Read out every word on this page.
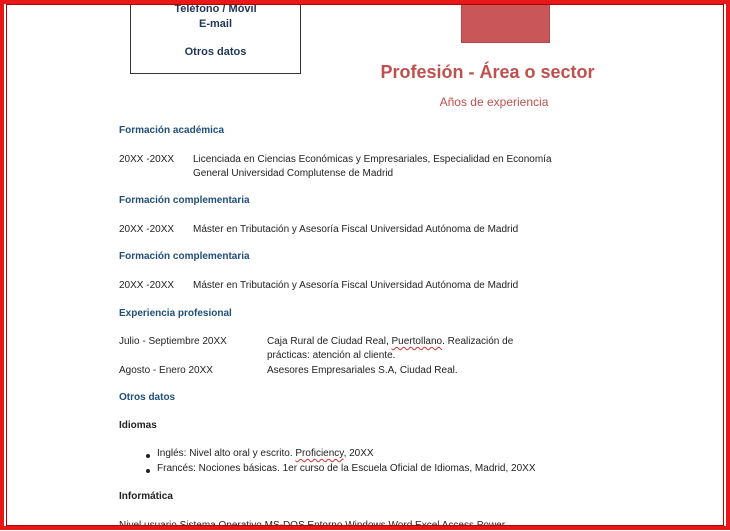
Teléfono / Móvil
E-mail
Otros datos
Profesión - Área o sector
Años de experiencia
Formación académica
20XX -20XX Licenciada en Ciencias Económicas y Empresariales, Especialidad en Economía
General Universidad Complutense de Madrid
Formación complementaria
20XX -20XX Máster en Tributación y Asesoría Fiscal Universidad Autónoma de Madrid
Formación complementaria
20XX -20XX Máster en Tributación y Asesoría Fiscal Universidad Autónoma de Madrid
Experiencia profesional
Julio - Septiembre 20XX	Caja Rural de Ciudad Real, Puertollano. Realización de
prácticas: atención al cliente.
Agosto - Enero 20XX	Asesores Empresariales S.A, Ciudad Real.
Otros datos
Idiomas
Inglés: Nivel alto oral y escrito. Proficiency, 20XX
Francés: Nociones básicas. 1er curso de la Escuela Oficial de Idiomas, Madrid, 20XX
Informática
Nivel usuario Sistema Operativo MS-DOS Entorno Windows Word Excel Access Power
